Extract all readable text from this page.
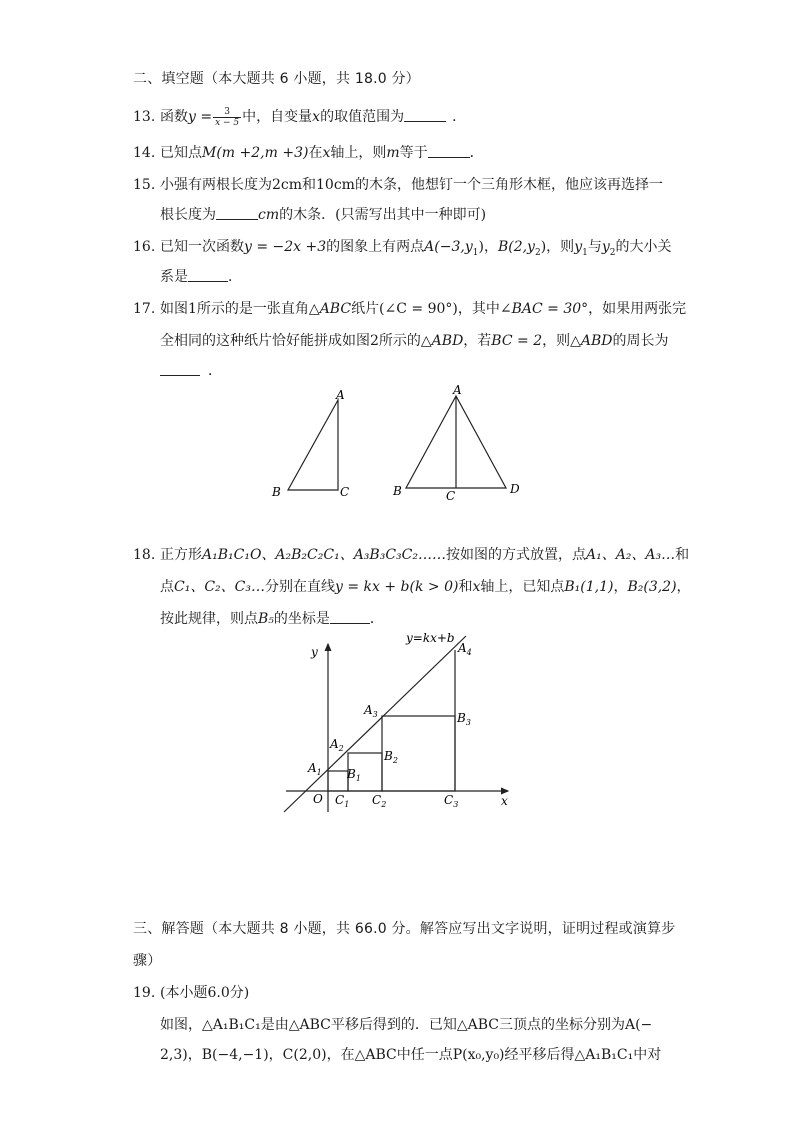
二、填空题（本大题共 6 小题，共 18.0 分）
13. 函数$y = \frac{3}{x - 5}$ 中，自变量x的取值范围为	．
14. 已知点M(m +2,m +3)在x轴上，则m等于	．
15. 小强有两根长度为2cm和10cm的木条，他想钉一个三角形木框，他应该再选择一
根长度为	cm的木条．(只需写出其中一种即可)
16. 已知一次函数y = −2x +3的图象上有两点$A(-3,y_1)$，$B(2,y_2)$，则$y_1$与$y_2$的大小关
系是	．
17. 如图1所示的是一张直角△ABC纸片(∠C = 90°)，其中∠BAC = 30°，如果用两张完
全相同的这种纸片恰好能拼成如图2所示的△ABD，若BC = 2，则△ABD的周长为
．
A
B	C
A
B	C	D
18. 正方形A₁B₁C₁O、A₂B₂C₂C₁、A₃B₃C₃C₂……按如图的方式放置，点A₁、A₂、A₃…和
点C₁、C₂、C₃…分别在直线y = kx + b(k > 0)和x轴上，已知点B₁(1,1)，B₂(3,2)，
按此规律，则点B₅的坐标是	．
y=kx+b
y
x
O
$A_1$
$A_2$
$A_3$
$A_4$
$B_1$
$B_2$
$B_3$
$C_1$ $C_2$	$C_3$
三、解答题（本大题共 8 小题，共 66.0 分。解答应写出文字说明，证明过程或演算步
骤）
19. (本小题6.0分)
如图，△A₁B₁C₁是由△ABC平移后得到的．已知△ABC三顶点的坐标分别为A(−
2,3)，B(−4,−1)，C(2,0)，在△ABC中任一点P(x₀,y₀)经平移后得△A₁B₁C₁中对
